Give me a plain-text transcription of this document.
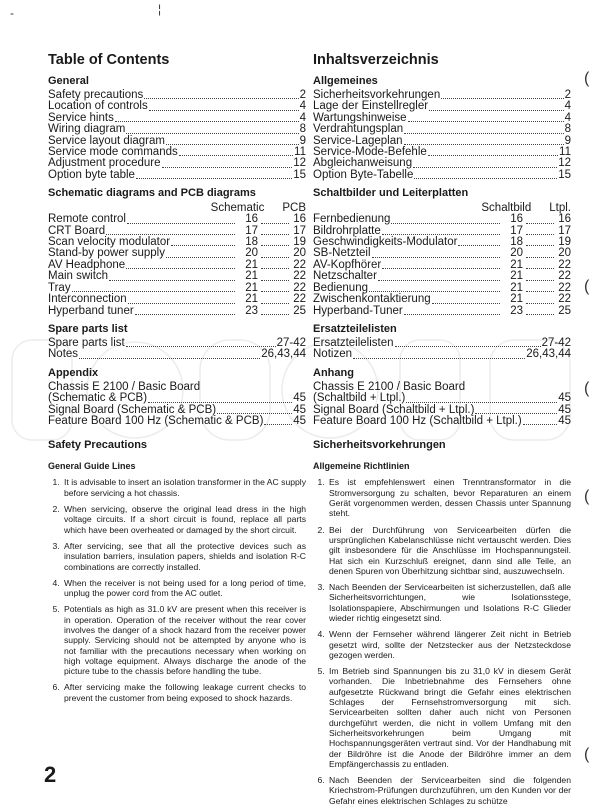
-	¦
(
(
(
(
(
Table of Contents
General
Safety precautions	2
Location of controls	4
Service hints	4
Wiring diagram	8
Service layout diagram	9
Service mode commands	11
Adjustment procedure	12
Option byte table	15
Schematic diagrams and PCB diagrams
Schematic PCB
Remote control	16	16
CRT Board	17	17
Scan velocity modulator	18	19
Stand-by power supply	20	20
AV Headphone	21	22
Main switch	21	22
Tray	21	22
Interconnection	21	22
Hyperband tuner	23	25
Spare parts list
Spare parts list	27-42
Notes	26,43,44
Appendix
Chassis E 2100 / Basic Board
(Schematic & PCB)	45
Signal Board (Schematic & PCB)	45
Feature Board 100 Hz (Schematic & PCB)	45
Safety Precautions
General Guide Lines
1. It is advisable to insert an isolation transformer in the AC supply before servicing a hot chassis.
2. When servicing, observe the original lead dress in the high voltage circuits. If a short circuit is found, replace all parts which have been overheated or damaged by the short circuit.
3. After servicing, see that all the protective devices such as insulation barriers, insulation papers, shields and isolation R-C combinations are correctly installed.
4. When the receiver is not being used for a long period of time, unplug the power cord from the AC outlet.
5. Potentials as high as 31.0 kV are present when this receiver is in operation. Operation of the receiver without the rear cover involves the danger of a shock hazard from the receiver power supply. Servicing should not be attempted by anyone who is not familiar with the precautions necessary when working on high voltage equipment. Always discharge the anode of the picture tube to the chassis before handling the tube.
6. After servicing make the following leakage current checks to prevent the customer from being exposed to shock hazards.
Inhaltsverzeichnis
Allgemeines
Sicherheitsvorkehrungen	2
Lage der Einstellregler	4
Wartungshinweise	4
Verdrahtungsplan	8
Service-Lageplan	9
Service-Mode-Befehle	11
Abgleichanweisung	12
Option Byte-Tabelle	15
Schaltbilder und Leiterplatten
Schaltbild Ltpl.
Fernbedienung	16	16
Bildrohrplatte	17	17
Geschwindigkeits-Modulator	18	19
SB-Netzteil	20	20
AV-Kopfhörer	21	22
Netzschalter	21	22
Bedienung	21	22
Zwischenkontaktierung	21	22
Hyperband-Tuner	23	25
Ersatzteilelisten
Ersatzteilelisten	27-42
Notizen	26,43,44
Anhang
Chassis E 2100 / Basic Board
(Schaltbild + Ltpl.)	45
Signal Board (Schaltbild + Ltpl.)	45
Feature Board 100 Hz (Schaltbild + Ltpl.)	45
Sicherheitsvorkehrungen
Allgemeine Richtlinien
1. Es ist empfehlenswert einen Trenntransformator in die Stromversorgung zu schalten, bevor Reparaturen an einem Gerät vorgenommen werden, dessen Chassis unter Spannung steht.
2. Bei der Durchführung von Servicearbeiten dürfen die ursprünglichen Kabelanschlüsse nicht vertauscht werden. Dies gilt insbesondere für die Anschlüsse im Hochspannungsteil. Hat sich ein Kurzschluß ereignet, dann sind alle Teile, an denen Spuren von Überhitzung sichtbar sind, auszuwechseln.
3. Nach Beenden der Servicearbeiten ist sicherzustellen, daß alle Sicherheitsvorrichtungen, wie Isolationsstege, Isolationspapiere, Abschirmungen und Isolations R-C Glieder wieder richtig eingesetzt sind.
4. Wenn der Fernseher während längerer Zeit nicht in Betrieb gesetzt wird, sollte der Netzstecker aus der Netzsteckdose gezogen werden.
5. Im Betrieb sind Spannungen bis zu 31,0 kV in diesem Gerät vorhanden. Die Inbetriebnahme des Fernsehers ohne aufgesetzte Rückwand bringt die Gefahr eines elektrischen Schlages der Fernsehstromversorgung mit sich. Servicearbeiten sollten daher auch nicht von Personen durchgeführt werden, die nicht in vollem Umfang mit den Sicherheitsvorkehrungen beim Umgang mit Hochspannungsgeräten vertraut sind. Vor der Handhabung mit der Bildröhre ist die Anode der Bildröhre immer an dem Empfängerchassis zu entladen.
6. Nach Beenden der Servicearbeiten sind die folgenden Kriechstrom-Prüfungen durchzuführen, um den Kunden vor der Gefahr eines elektrischen Schlages zu schütze
2
